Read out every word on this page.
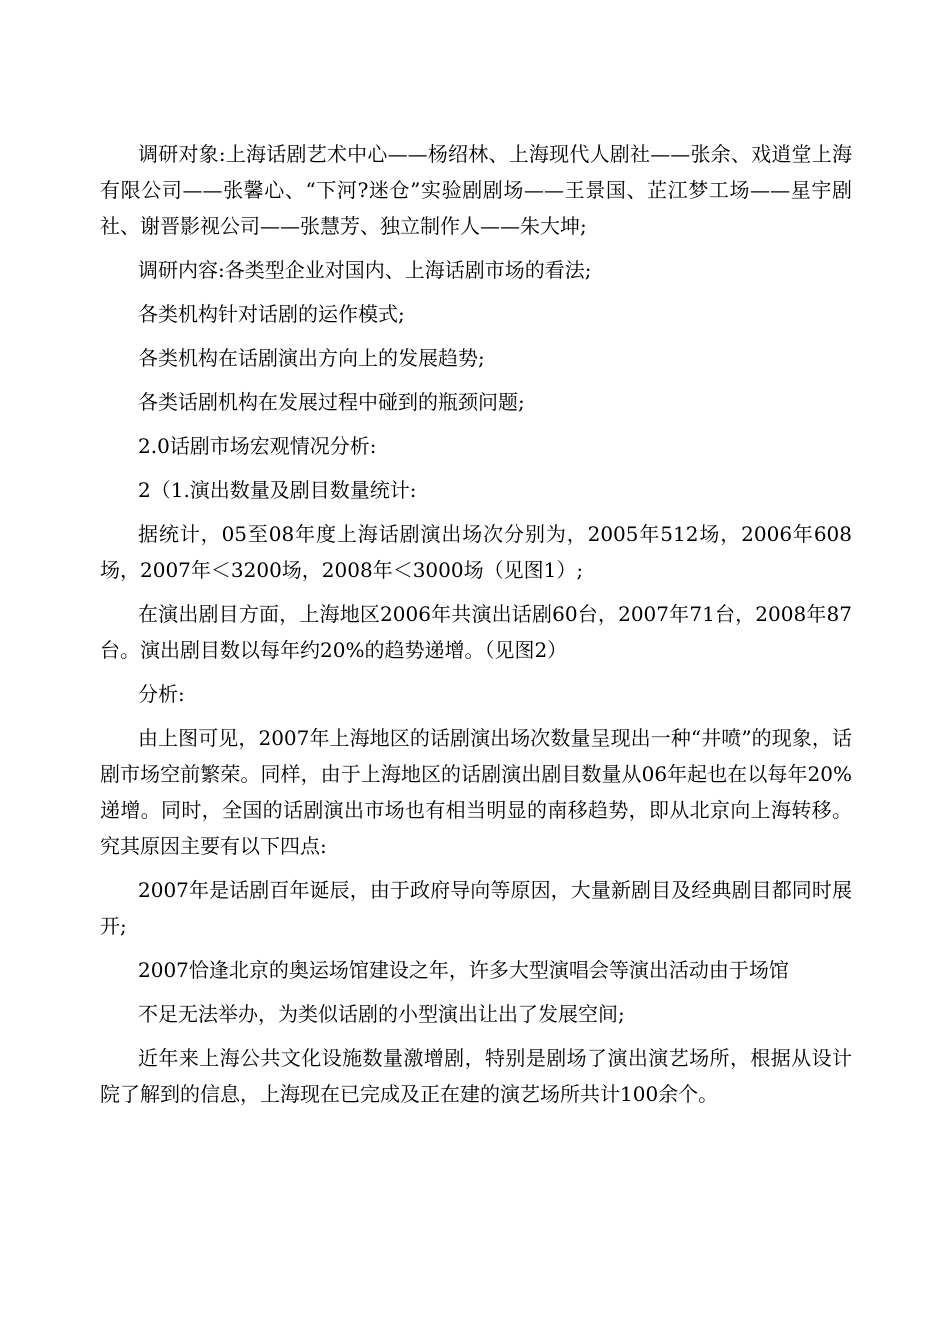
调研对象:上海话剧艺术中心——杨绍林、上海现代人剧社——张余、戏逍堂上海有限公司——张馨心、“下河?迷仓”实验剧剧场——王景国、芷江梦工场——星宇剧社、谢晋影视公司——张慧芳、独立制作人——朱大坤;

调研内容:各类型企业对国内、上海话剧市场的看法;

各类机构针对话剧的运作模式;

各类机构在话剧演出方向上的发展趋势;

各类话剧机构在发展过程中碰到的瓶颈问题;

2.0话剧市场宏观情况分析:

2（1.演出数量及剧目数量统计:

据统计，05至08年度上海话剧演出场次分别为，2005年512场，2006年608场，2007年＜3200场，2008年＜3000场（见图1）;

在演出剧目方面，上海地区2006年共演出话剧60台，2007年71台，2008年87台。演出剧目数以每年约20%的趋势递增。（见图2）

分析:

由上图可见，2007年上海地区的话剧演出场次数量呈现出一种“井喷”的现象，话剧市场空前繁荣。同样，由于上海地区的话剧演出剧目数量从06年起也在以每年20%递增。同时，全国的话剧演出市场也有相当明显的南移趋势，即从北京向上海转移。究其原因主要有以下四点:

2007年是话剧百年诞辰，由于政府导向等原因，大量新剧目及经典剧目都同时展开;

2007恰逢北京的奥运场馆建设之年，许多大型演唱会等演出活动由于场馆

不足无法举办，为类似话剧的小型演出让出了发展空间;

近年来上海公共文化设施数量激增剧，特别是剧场了演出演艺场所，根据从设计院了解到的信息，上海现在已完成及正在建的演艺场所共计100余个。
